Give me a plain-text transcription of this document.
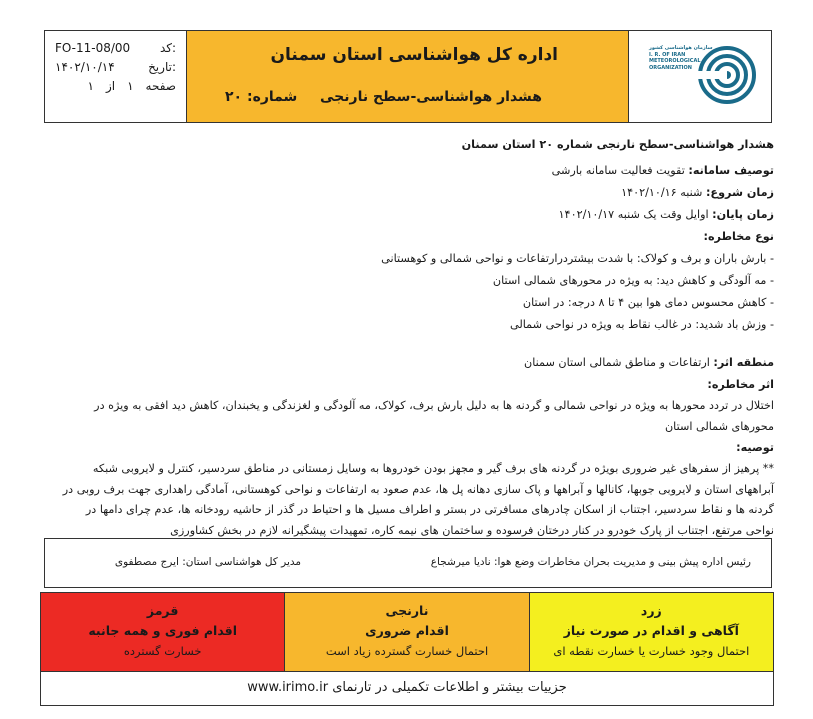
FO-11-08/00 کد:
۱۴۰۲/۱۰/۱۴	تاریخ:
صفحه
۱
از
۱
اداره کل هواشناسی استان سمنان
هشدار هواشناسی-سطح نارنجی
شماره: ۲۰
سازمان هواشناسی کشور
I. R. OF IRAN
METEOROLOGICAL
ORGANIZATION
هشدار هواشناسی-سطح نارنجی شماره ۲۰ استان سمنان
توصیف سامانه: تقویت فعالیت سامانه بارشی
زمان شروع: شنبه ۱۴۰۲/۱۰/۱۶
زمان پایان: اوایل وقت یک شنبه ۱۴۰۲/۱۰/۱۷
نوع مخاطره:
- بارش باران و برف و کولاک: با شدت بیشتردرارتفاعات و نواحی شمالی و کوهستانی
- مه آلودگی و کاهش دید: به ویژه در محورهای شمالی استان
- کاهش محسوس دمای هوا بین ۴ تا ۸ درجه: در استان
- وزش باد شدید: در غالب نقاط به ویژه در نواحی شمالی
منطقه اثر: ارتفاعات و مناطق شمالی استان سمنان
اثر مخاطره:
اختلال در تردد محورها به ویژه در نواحی شمالی و گردنه ها به دلیل بارش برف، کولاک، مه آلودگی و لغزندگی و یخبندان، کاهش دید افقی به ویژه در محورهای شمالی استان
توصیه:
** پرهیز از سفرهای غیر ضروری بویژه در گردنه های برف گیر و مجهز بودن خودروها به وسایل زمستانی در مناطق سردسیر، کنترل و لایروبی شبکه آبراههای استان و لایروبی جوبها، کانالها و آبراهها و پاک سازی دهانه پل ها، عدم صعود به ارتفاعات و نواحی کوهستانی، آمادگی راهداری جهت برف روبی در گردنه ها و نقاط سردسیر، اجتناب از اسکان چادرهای مسافرتی در بستر و اطراف مسیل ها و احتیاط در گذر از حاشیه رودخانه ها، عدم چرای دامها در نواحی مرتفع، اجتناب از پارک خودرو در کنار درختان فرسوده و ساختمان های نیمه کاره، تمهیدات پیشگیرانه لازم در بخش کشاورزی
رئیس اداره پیش بینی و مدیریت بحران مخاطرات وضع هوا: نادیا میرشجاع
مدیر کل هواشناسی استان: ایرج مصطفوی
قرمز
اقدام فوری و همه جانبه
خسارت گسترده
نارنجی
اقدام ضروری
احتمال خسارت گسترده زیاد است
زرد
آگاهی و اقدام در صورت نیاز
احتمال وجود خسارت یا خسارت نقطه ای
جزییات بیشتر و اطلاعات تکمیلی در تارنمای www.irimo.ir
